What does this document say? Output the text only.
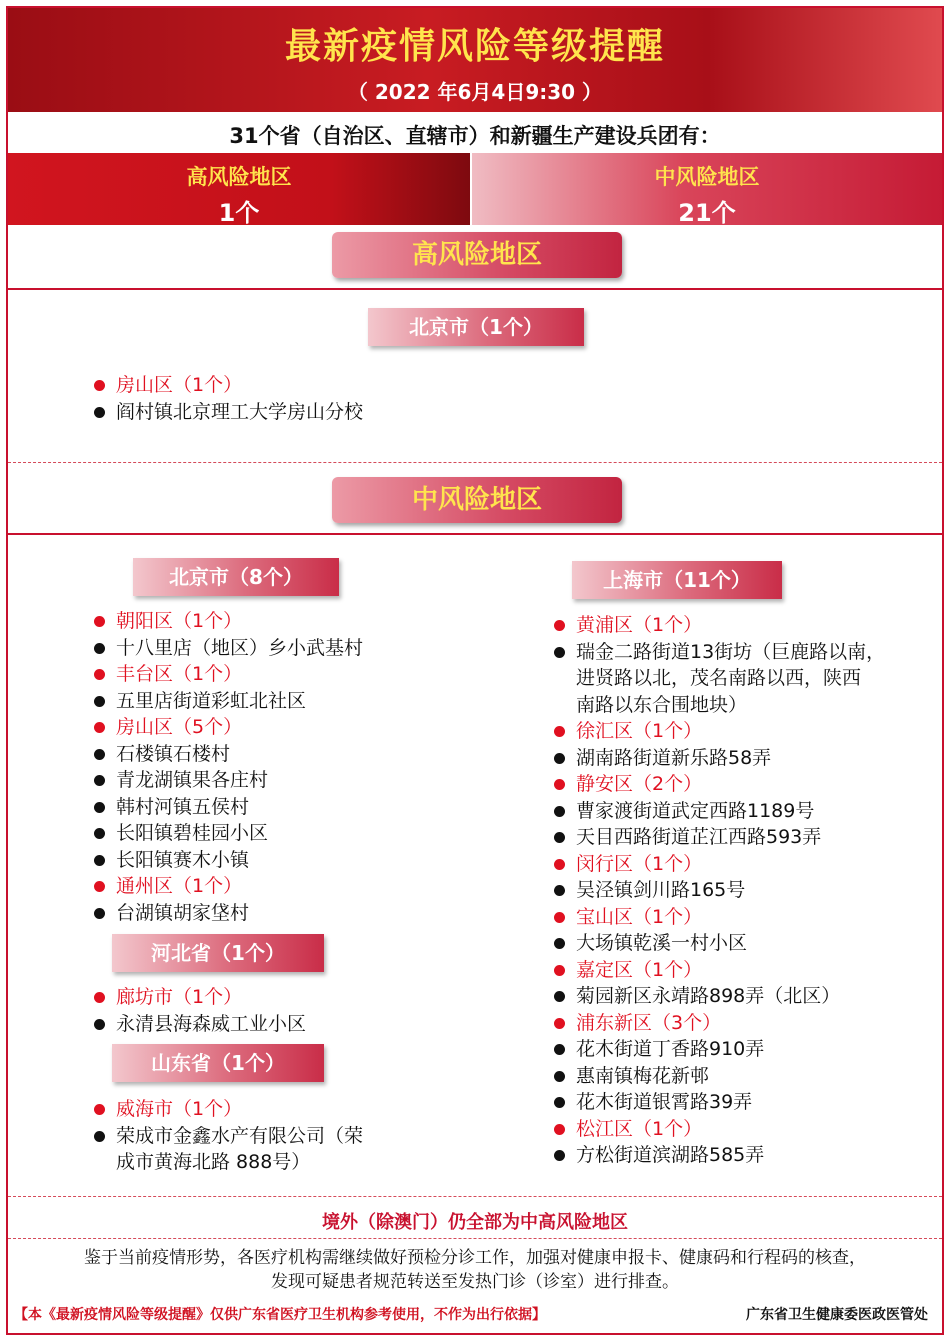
最新疫情风险等级提醒
（ 2022 年6月4日9:30 ）
31个省（自治区、直辖市）和新疆生产建设兵团有：
高风险地区
1个
中风险地区
21个
高风险地区
北京市（1个）
房山区（1个）
阎村镇北京理工大学房山分校
中风险地区
北京市（8个）
朝阳区（1个）
十八里店（地区）乡小武基村
丰台区（1个）
五里店街道彩虹北社区
房山区（5个）
石楼镇石楼村
青龙湖镇果各庄村
韩村河镇五侯村
长阳镇碧桂园小区
长阳镇赛木小镇
通州区（1个）
台湖镇胡家垡村
河北省（1个）
廊坊市（1个）
永清县海森威工业小区
山东省（1个）
威海市（1个）
荣成市金鑫水产有限公司（荣
成市黄海北路 888号）
上海市（11个）
黄浦区（1个）
瑞金二路街道13街坊（巨鹿路以南，
进贤路以北，茂名南路以西，陕西
南路以东合围地块）
徐汇区（1个）
湖南路街道新乐路58弄
静安区（2个）
曹家渡街道武定西路1189号
天目西路街道芷江西路593弄
闵行区（1个）
吴泾镇剑川路165号
宝山区（1个）
大场镇乾溪一村小区
嘉定区（1个）
菊园新区永靖路898弄（北区）
浦东新区（3个）
花木街道丁香路910弄
惠南镇梅花新邨
花木街道银霄路39弄
松江区（1个）
方松街道滨湖路585弄
境外（除澳门）仍全部为中高风险地区
鉴于当前疫情形势，各医疗机构需继续做好预检分诊工作，加强对健康申报卡、健康码和行程码的核查，
发现可疑患者规范转送至发热门诊（诊室）进行排查。
【本《最新疫情风险等级提醒》仅供广东省医疗卫生机构参考使用，不作为出行依据】	广东省卫生健康委医政医管处
